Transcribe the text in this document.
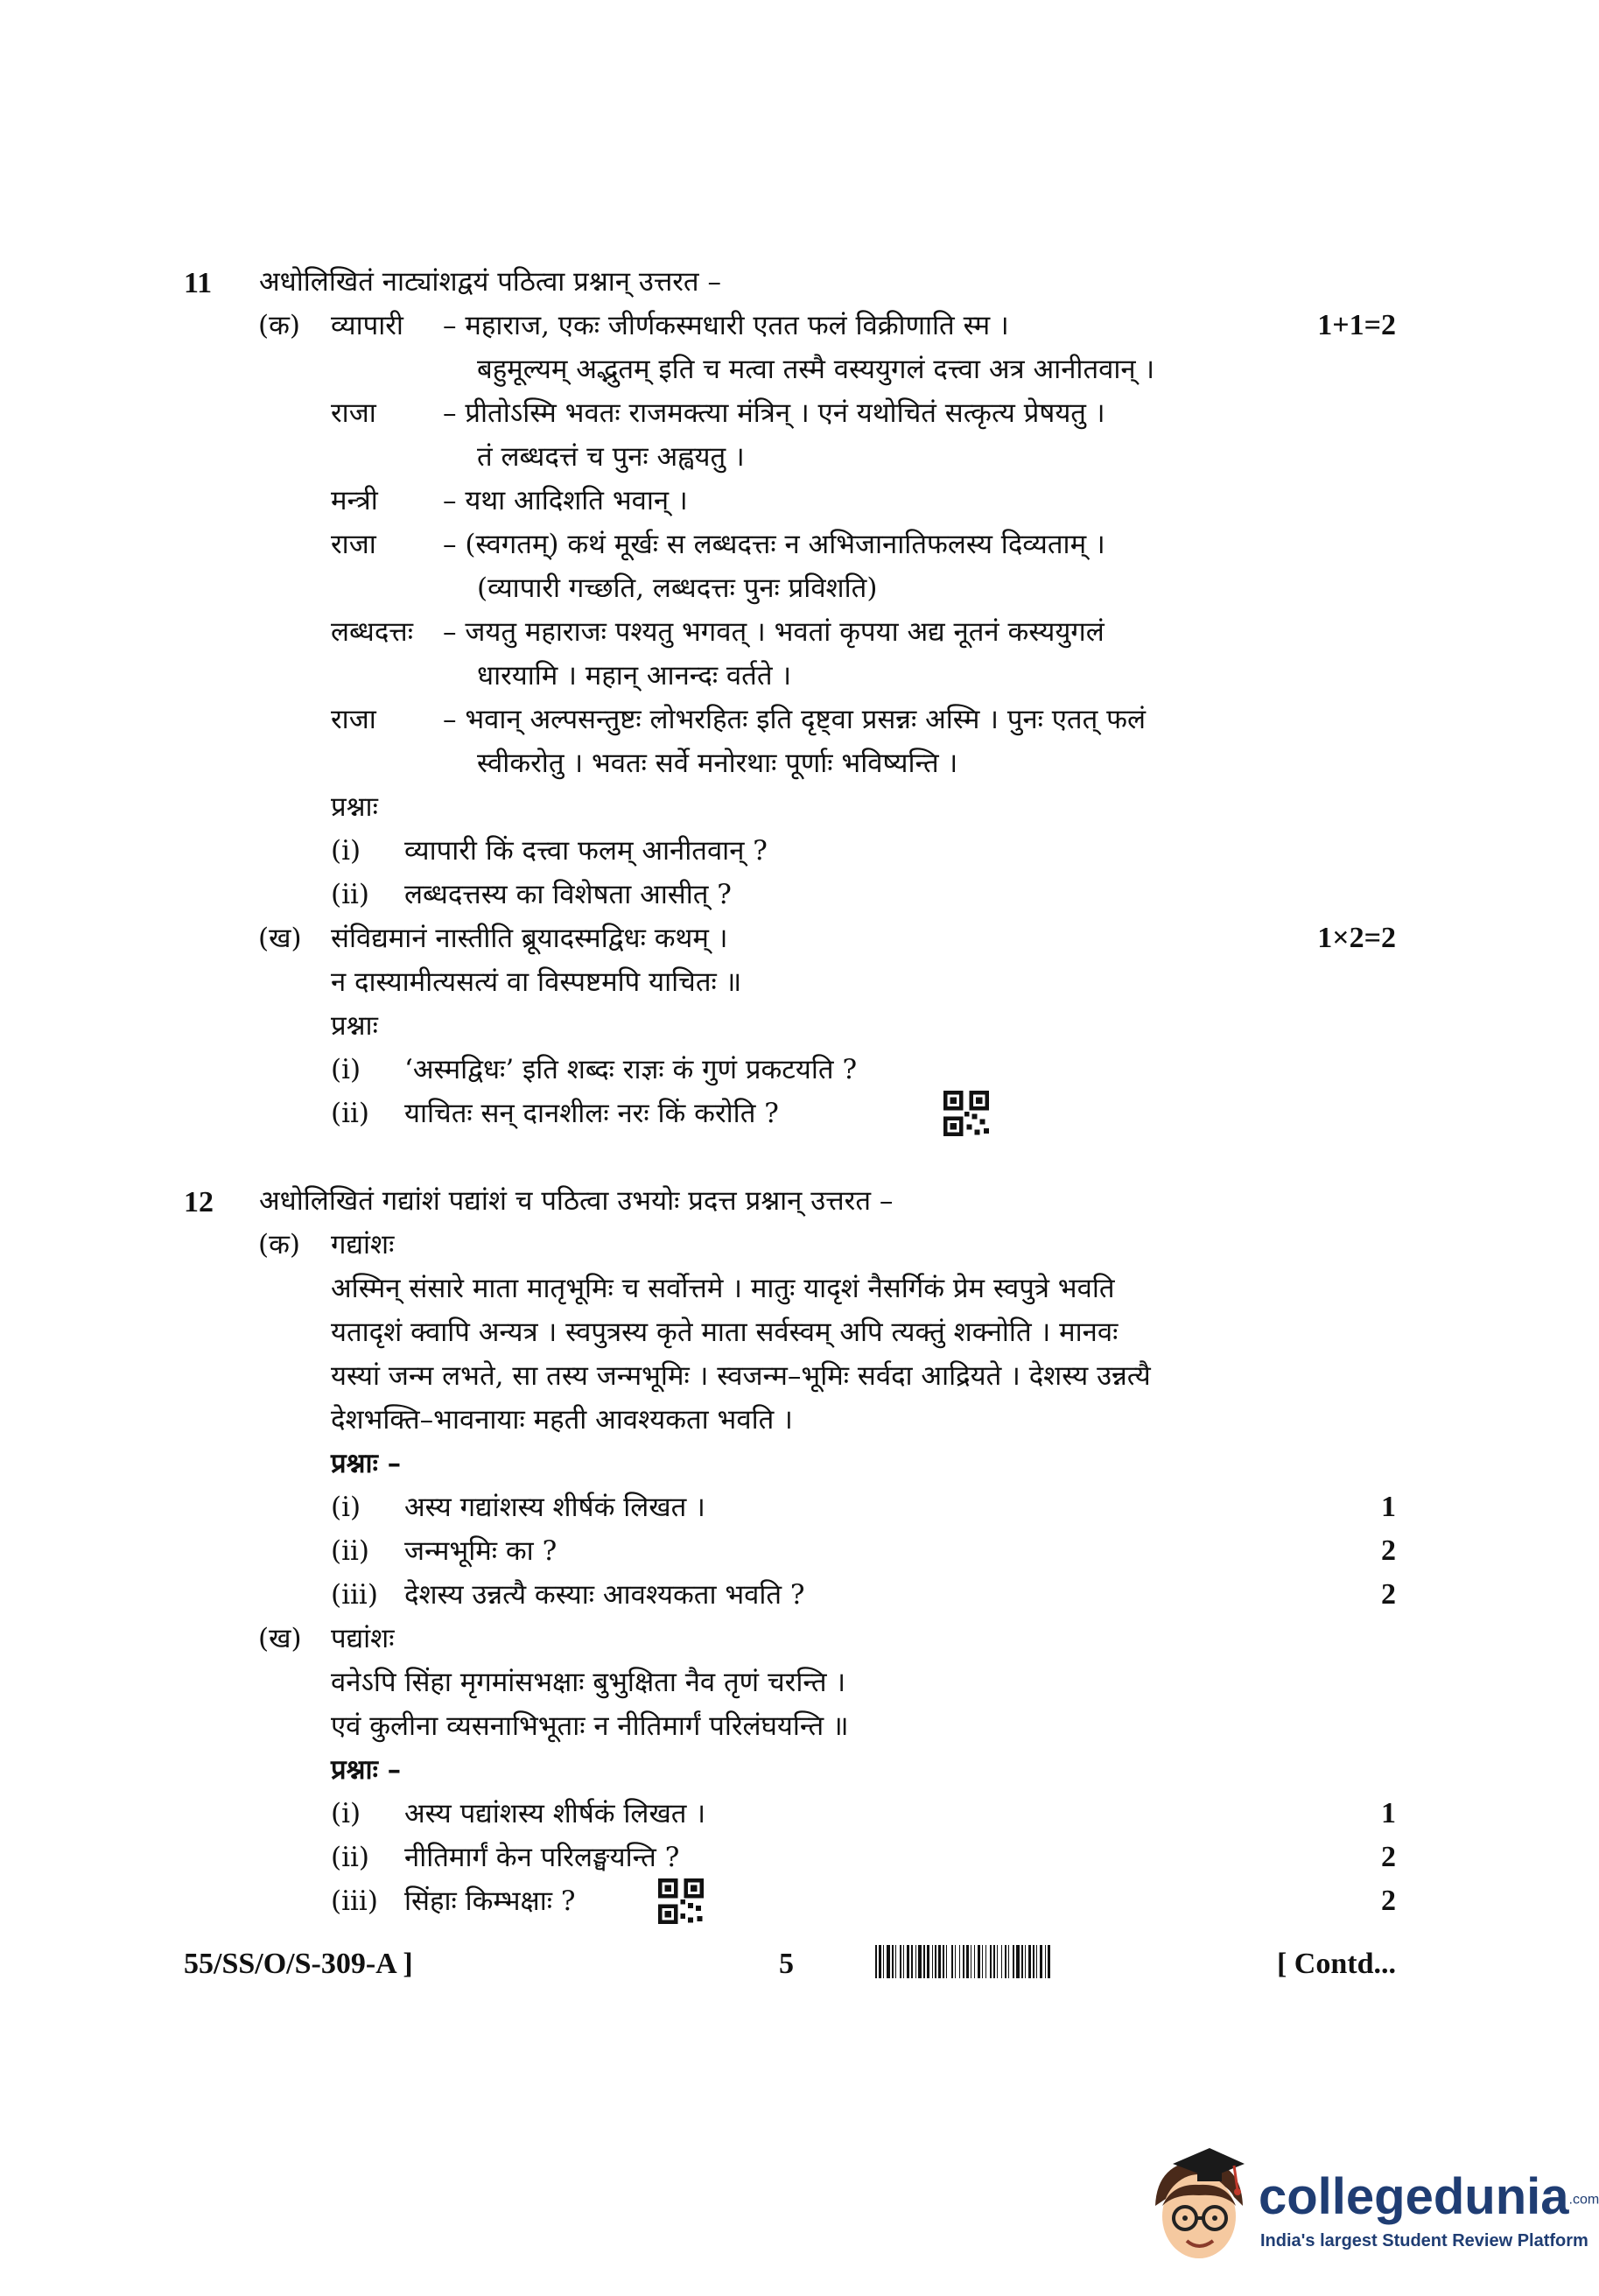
11 अधोलिखितं नाट्यांशद्वयं पठित्वा प्रश्नान् उत्तरत –
(क)	1+1=2
व्यापारी – महाराज, एकः जीर्णकस्मधारी एतत फलं विक्रीणाति स्म ।
बहुमूल्यम् अद्भुतम् इति च मत्वा तस्मै वस्ययुगलं दत्त्वा अत्र आनीतवान् ।
राजा – प्रीतोऽस्मि भवतः राजमक्त्या मंत्रिन् । एनं यथोचितं सत्कृत्य प्रेषयतु ।
तं लब्धदत्तं च पुनः अह्वयतु ।
मन्त्री – यथा आदिशति भवान् ।
राजा – (स्वगतम्) कथं मूर्खः स लब्धदत्तः न अभिजानातिफलस्य दिव्यताम् ।
(व्यापारी गच्छति, लब्धदत्तः पुनः प्रविशति)
लब्धदत्तः – जयतु महाराजः पश्यतु भगवत् । भवतां कृपया अद्य नूतनं कस्ययुगलं
धारयामि । महान् आनन्दः वर्तते ।
राजा – भवान् अल्पसन्तुष्टः लोभरहितः इति दृष्ट्वा प्रसन्नः अस्मि । पुनः एतत् फलं
स्वीकरोतु । भवतः सर्वे मनोरथाः पूर्णाः भविष्यन्ति ।
प्रश्नाः
(i) व्यापारी किं दत्त्वा फलम् आनीतवान् ?
(ii) लब्धदत्तस्य का विशेषता आसीत् ?
(ख)	1×2=2
संविद्यमानं नास्तीति ब्रूयादस्मद्विधः कथम् ।
न दास्यामीत्यसत्यं वा विस्पष्टमपि याचितः ॥
प्रश्नाः
(i) ‘अस्मद्विधः’ इति शब्दः राज्ञः कं गुणं प्रकटयति ?
(ii) याचितः सन् दानशीलः नरः किं करोति ?
12 अधोलिखितं गद्यांशं पद्यांशं च पठित्वा उभयोः प्रदत्त प्रश्नान् उत्तरत –
(क) गद्यांशः
अस्मिन् संसारे माता मातृभूमिः च सर्वोत्तमे । मातुः यादृशं नैसर्गिकं प्रेम स्वपुत्रे भवति
यतादृशं क्वापि अन्यत्र । स्वपुत्रस्य कृते माता सर्वस्वम् अपि त्यक्तुं शक्नोति । मानवः
यस्यां जन्म लभते, सा तस्य जन्मभूमिः । स्वजन्म–भूमिः सर्वदा आद्रियते । देशस्य उन्नत्यै
देशभक्ति–भावनायाः महती आवश्यकता भवति ।
प्रश्नाः –
(i) अस्य गद्यांशस्य शीर्षकं लिखत ।	1
(ii) जन्मभूमिः का ?	2
(iii) देशस्य उन्नत्यै कस्याः आवश्यकता भवति ?	2
(ख) पद्यांशः
वनेऽपि सिंहा मृगमांसभक्षाः बुभुक्षिता नैव तृणं चरन्ति ।
एवं कुलीना व्यसनाभिभूताः न नीतिमार्गं परिलंघयन्ति ॥
प्रश्नाः –
(i) अस्य पद्यांशस्य शीर्षकं लिखत ।	1
(ii) नीतिमार्गं केन परिलङ्घयन्ति ?	2
(iii) सिंहाः किम्भक्षाः ?	2
55/SS/O/S-309-A ]	5	[ Contd...
collegedunia.com
India's largest Student Review Platform
